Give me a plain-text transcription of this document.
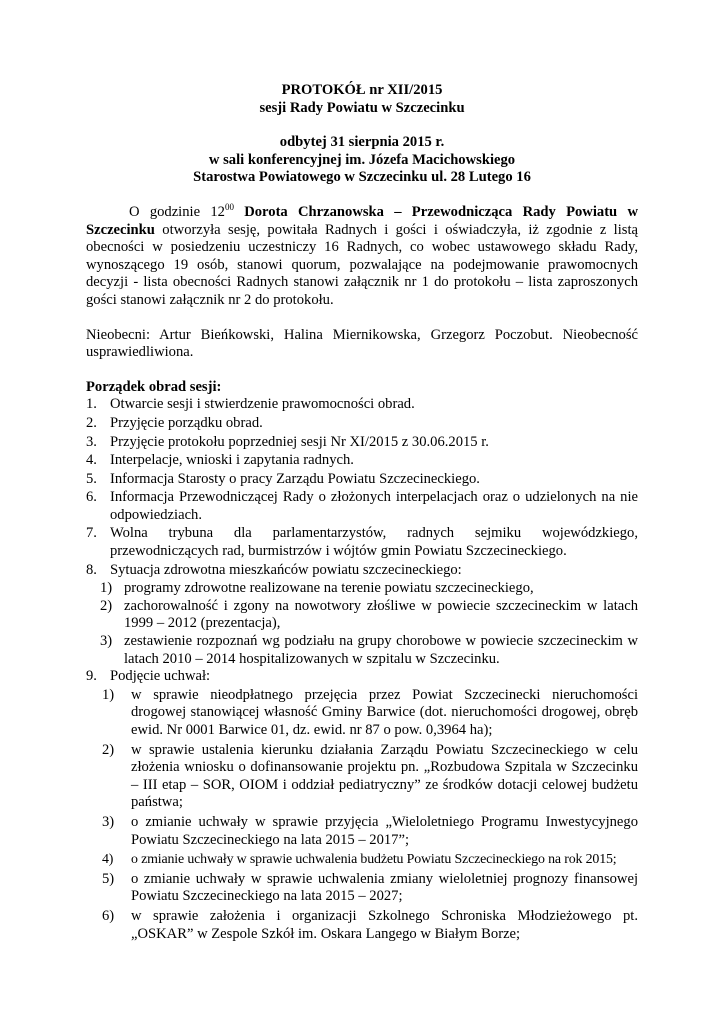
PROTOKÓŁ nr XII/2015
sesji Rady Powiatu w Szczecinku
odbytej 31 sierpnia 2015 r.
w sali konferencyjnej im. Józefa Macichowskiego
Starostwa Powiatowego w Szczecinku ul. 28 Lutego 16

O godzinie $12^{00}$ Dorota Chrzanowska – Przewodnicząca Rady Powiatu w Szczecinku otworzyła sesję, powitała Radnych i gości i oświadczyła, iż zgodnie z listą obecności w posiedzeniu uczestniczy 16 Radnych, co wobec ustawowego składu Rady, wynoszącego 19 osób, stanowi quorum, pozwalające na podejmowanie prawomocnych decyzji - lista obecności Radnych stanowi załącznik nr 1 do protokołu – lista zaproszonych gości stanowi załącznik nr 2 do protokołu.

Nieobecni: Artur Bieńkowski, Halina Miernikowska, Grzegorz Poczobut. Nieobecność usprawiedliwiona.

Porządek obrad sesji:
1. Otwarcie sesji i stwierdzenie prawomocności obrad.
2. Przyjęcie porządku obrad.
3. Przyjęcie protokołu poprzedniej sesji Nr XI/2015 z 30.06.2015 r.
4. Interpelacje, wnioski i zapytania radnych.
5. Informacja Starosty o pracy Zarządu Powiatu Szczecineckiego.
6. Informacja Przewodniczącej Rady o złożonych interpelacjach oraz o udzielonych na nie odpowiedziach.
7. Wolna trybuna dla parlamentarzystów, radnych sejmiku wojewódzkiego, przewodniczących rad, burmistrzów i wójtów gmin Powiatu Szczecineckiego.
8. Sytuacja zdrowotna mieszkańców powiatu szczecineckiego:
1) programy zdrowotne realizowane na terenie powiatu szczecineckiego,
2) zachorowalność i zgony na nowotwory złośliwe w powiecie szczecineckim w latach 1999 – 2012 (prezentacja),
3) zestawienie rozpoznań wg podziału na grupy chorobowe w powiecie szczecineckim w latach 2010 – 2014 hospitalizowanych w szpitalu w Szczecinku.
9. Podjęcie uchwał:
1) w sprawie nieodpłatnego przejęcia przez Powiat Szczecinecki nieruchomości drogowej stanowiącej własność Gminy Barwice (dot. nieruchomości drogowej, obręb ewid. Nr 0001 Barwice 01, dz. ewid. nr 87 o pow. 0,3964 ha);
2) w sprawie ustalenia kierunku działania Zarządu Powiatu Szczecineckiego w celu złożenia wniosku o dofinansowanie projektu pn. „Rozbudowa Szpitala w Szczecinku – III etap – SOR, OIOM i oddział pediatryczny” ze środków dotacji celowej budżetu państwa;
3) o zmianie uchwały w sprawie przyjęcia „Wieloletniego Programu Inwestycyjnego Powiatu Szczecineckiego na lata 2015 – 2017”;
4) o zmianie uchwały w sprawie uchwalenia budżetu Powiatu Szczecineckiego na rok 2015;
5) o zmianie uchwały w sprawie uchwalenia zmiany wieloletniej prognozy finansowej Powiatu Szczecineckiego na lata 2015 – 2027;
6) w sprawie założenia i organizacji Szkolnego Schroniska Młodzieżowego pt. „OSKAR” w Zespole Szkół im. Oskara Langego w Białym Borze;
